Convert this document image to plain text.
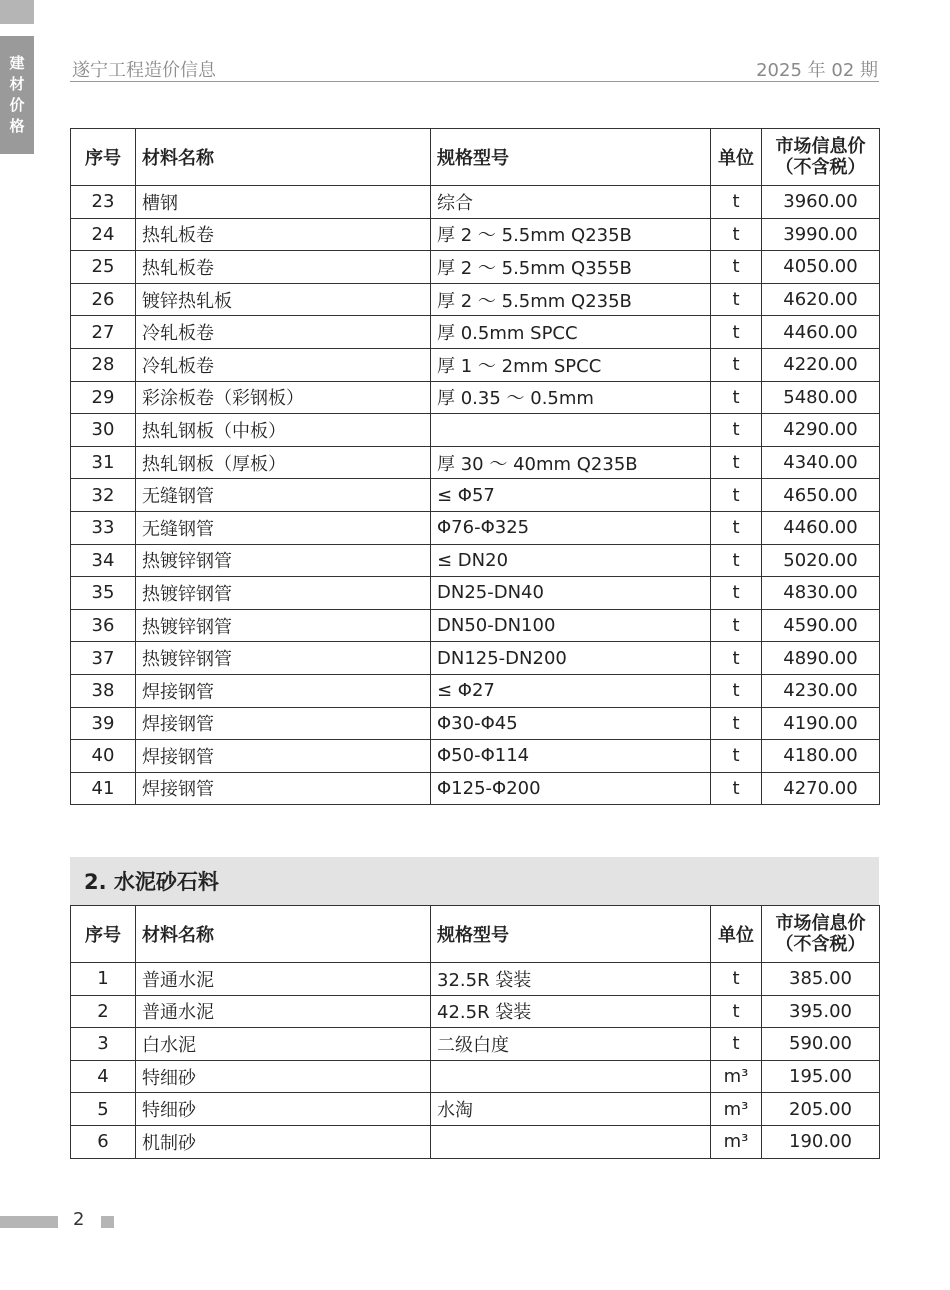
建
材
价
格
遂宁工程造价信息	2025 年 02 期
序号	材料名称	规格型号	单位	市场信息价
（不含税）

23	槽钢	综合	t	3960.00
24	热轧板卷	厚 2 ～ 5.5mm Q235B	t	3990.00
25	热轧板卷	厚 2 ～ 5.5mm Q355B	t	4050.00
26	镀锌热轧板	厚 2 ～ 5.5mm Q235B	t	4620.00
27	冷轧板卷	厚 0.5mm SPCC	t	4460.00
28	冷轧板卷	厚 1 ～ 2mm SPCC	t	4220.00
29	彩涂板卷（彩钢板）	厚 0.35 ～ 0.5mm	t	5480.00
30	热轧钢板（中板）		t	4290.00
31	热轧钢板（厚板）	厚 30 ～ 40mm Q235B	t	4340.00
32	无缝钢管	≤ Φ57	t	4650.00
33	无缝钢管	Φ76-Φ325	t	4460.00
34	热镀锌钢管	≤ DN20	t	5020.00
35	热镀锌钢管	DN25-DN40	t	4830.00
36	热镀锌钢管	DN50-DN100	t	4590.00
37	热镀锌钢管	DN125-DN200	t	4890.00
38	焊接钢管	≤ Φ27	t	4230.00
39	焊接钢管	Φ30-Φ45	t	4190.00
40	焊接钢管	Φ50-Φ114	t	4180.00
41	焊接钢管	Φ125-Φ200	t	4270.00
2. 水泥砂石料
序号	材料名称	规格型号	单位	市场信息价
（不含税）

1	普通水泥	32.5R 袋装	t	385.00
2	普通水泥	42.5R 袋装	t	395.00
3	白水泥	二级白度	t	590.00
4	特细砂		m³	195.00
5	特细砂	水淘	m³	205.00
6	机制砂		m³	190.00
2
